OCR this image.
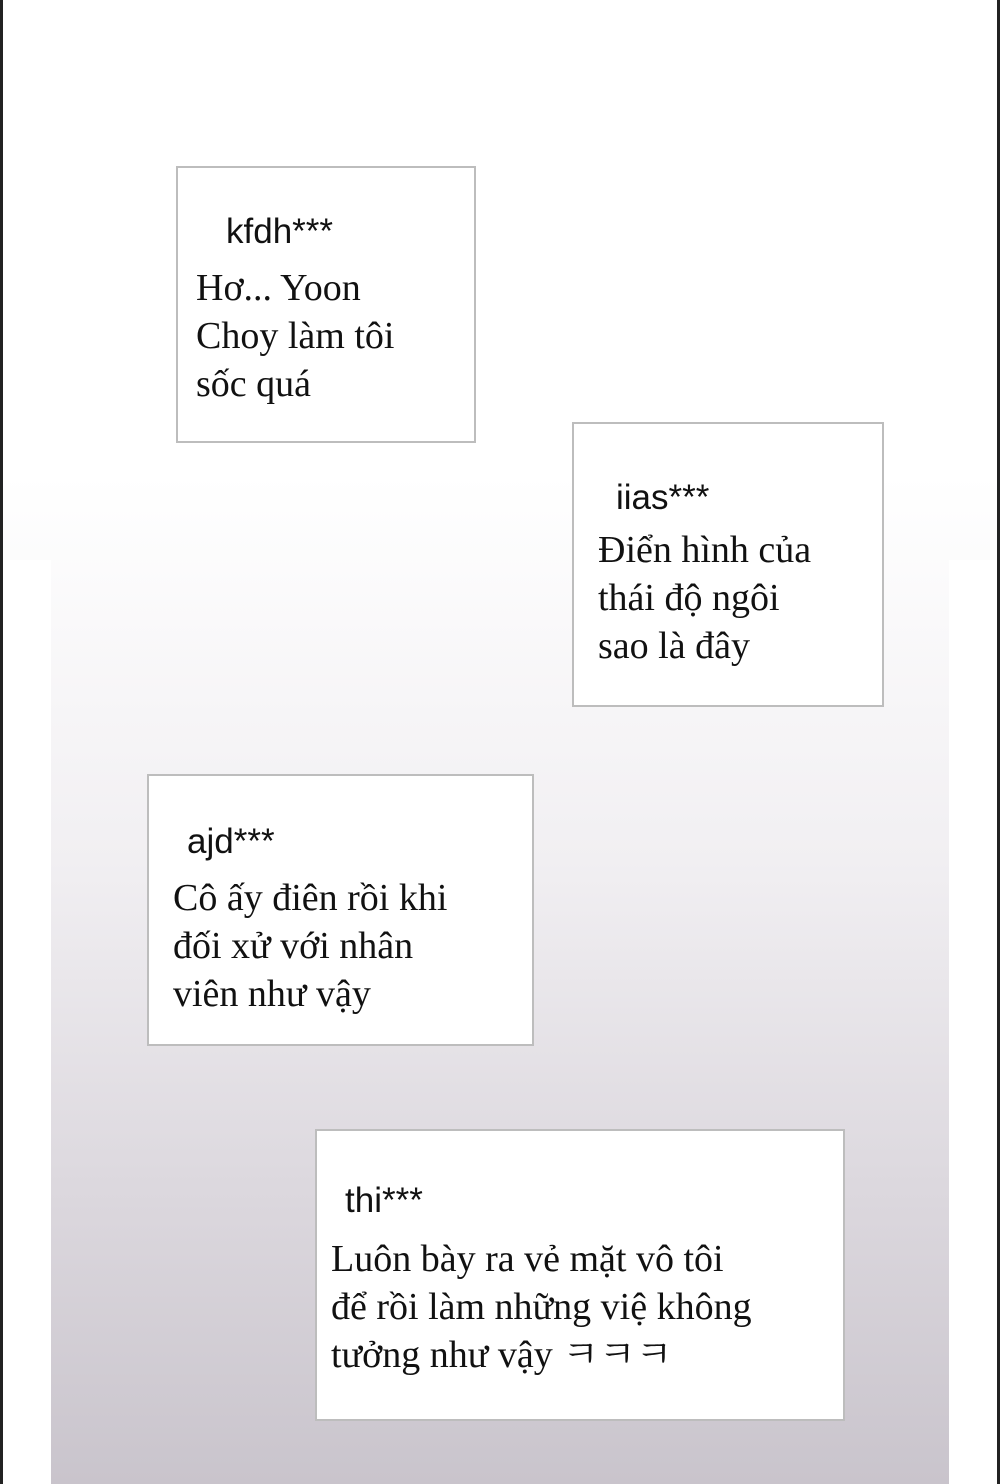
kfdh***
Hơ... Yoon
Choy làm tôi
sốc quá
iias***
Điển hình của
thái độ ngôi
sao là đây
ajd***
Cô ấy điên rồi khi
đối xử với nhân
viên như vậy
thi***
Luôn bày ra vẻ mặt vô tôi
để rồi làm những việ không
tưởng như vậy ㅋㅋㅋ
